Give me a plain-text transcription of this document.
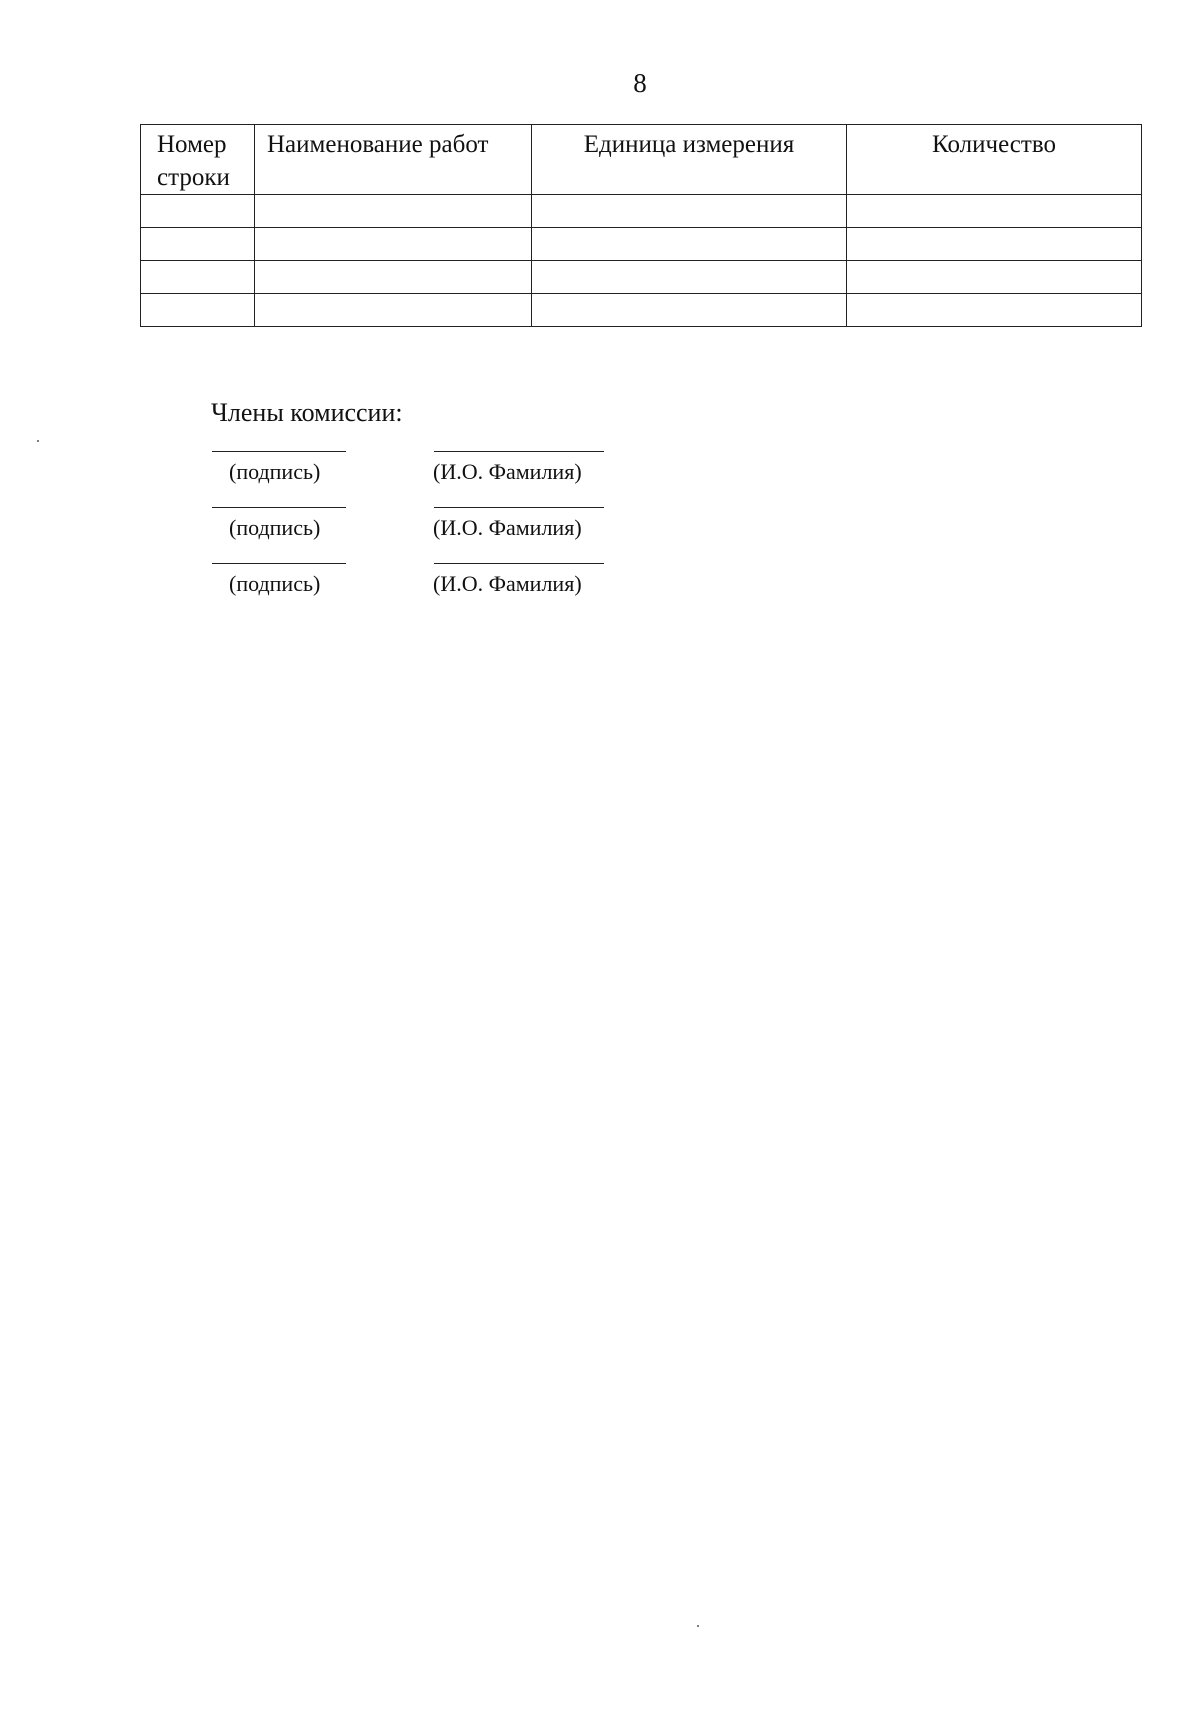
8
Номер строки	Наименование работ	Единица измерения	Количество

Члены комиссии:
(подпись)	(И.О. Фамилия)
(подпись)	(И.О. Фамилия)
(подпись)	(И.О. Фамилия)
